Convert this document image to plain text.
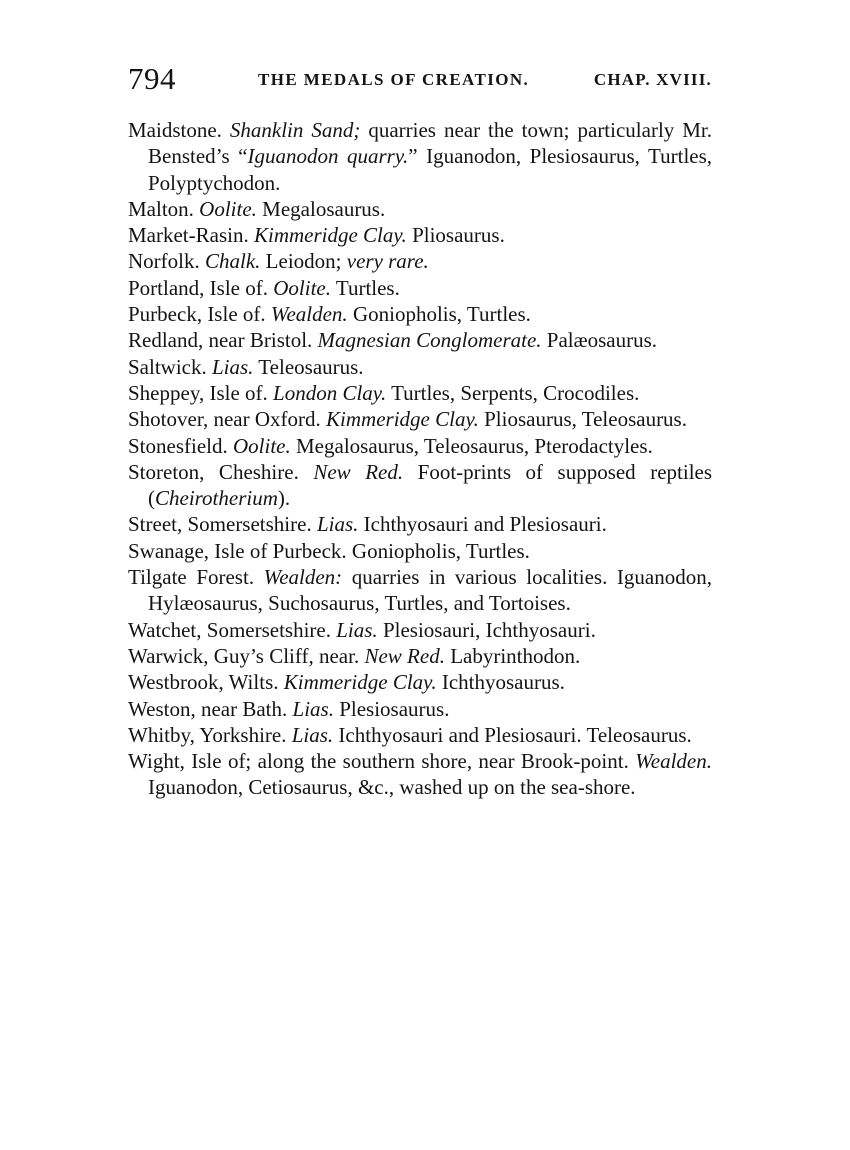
794	THE MEDALS OF CREATION.	CHAP. XVIII.
Maidstone. Shanklin Sand; quarries near the town; particularly Mr. Bensted’s “Iguanodon quarry.” Iguanodon, Plesiosaurus, Turtles, Polyptychodon.
Malton. Oolite. Megalosaurus.
Market-Rasin. Kimmeridge Clay. Pliosaurus.
Norfolk. Chalk. Leiodon; very rare.
Portland, Isle of. Oolite. Turtles.
Purbeck, Isle of. Wealden. Goniopholis, Turtles.
Redland, near Bristol. Magnesian Conglomerate. Palæosaurus.
Saltwick. Lias. Teleosaurus.
Sheppey, Isle of. London Clay. Turtles, Serpents, Crocodiles.
Shotover, near Oxford. Kimmeridge Clay. Pliosaurus, Teleosaurus.
Stonesfield. Oolite. Megalosaurus, Teleosaurus, Pterodactyles.
Storeton, Cheshire. New Red. Foot-prints of supposed reptiles (Cheirotherium).
Street, Somersetshire. Lias. Ichthyosauri and Plesiosauri.
Swanage, Isle of Purbeck. Goniopholis, Turtles.
Tilgate Forest. Wealden: quarries in various localities. Iguanodon, Hylæosaurus, Suchosaurus, Turtles, and Tortoises.
Watchet, Somersetshire. Lias. Plesiosauri, Ichthyosauri.
Warwick, Guy’s Cliff, near. New Red. Labyrinthodon.
Westbrook, Wilts. Kimmeridge Clay. Ichthyosaurus.
Weston, near Bath. Lias. Plesiosaurus.
Whitby, Yorkshire. Lias. Ichthyosauri and Plesiosauri. Teleosaurus.
Wight, Isle of; along the southern shore, near Brook-point. Wealden. Iguanodon, Cetiosaurus, &c., washed up on the sea-shore.
